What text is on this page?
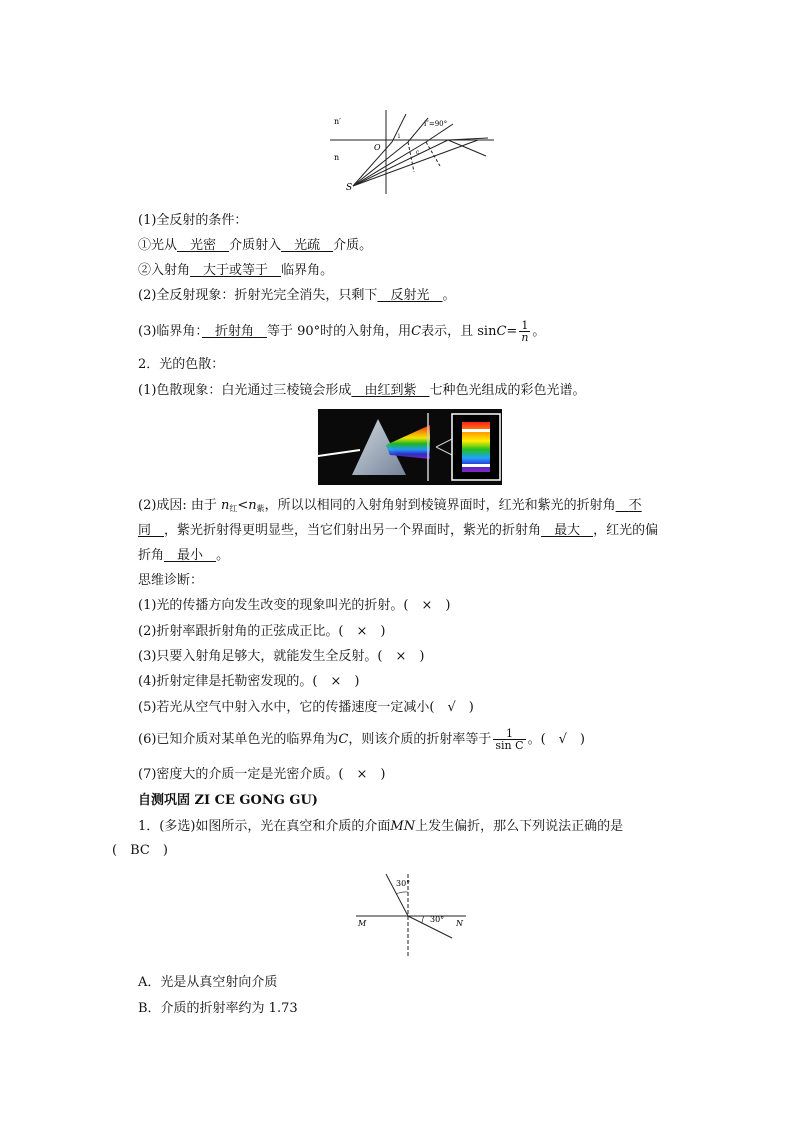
n′
n
O
S
i″=90°
i
c
(1)全反射的条件：
①光从　 光密　 介质射入　 光疏　 介质。
②入射角　 大于或等于　 临界角。
(2)全反射现象：折射光完全消失，只剩下　 反射光　 。
(3)临界角：　 折射角　 等于 90°时的入射角，用C表示，且 $\sin C= \frac{1}{n}$ 。
2．光的色散：
(1)色散现象：白光通过三棱镜会形成　 由红到紫　 七种色光组成的彩色光谱。
(2)成因: 由于 $n_红<n_紫$，所以以相同的入射角射到棱镜界面时，红光和紫光的折射角　 不
同　 ，紫光折射得更明显些，当它们射出另一个界面时，紫光的折射角　 最大　 ，红光的偏
折角　 最小　 。
思维诊断：
(1)光的传播方向发生改变的现象叫光的折射。(　×　)
(2)折射率跟折射角的正弦成正比。(　×　)
(3)只要入射角足够大，就能发生全反射。(　×　)
(4)折射定律是托勒密发现的。(　×　)
(5)若光从空气中射入水中，它的传播速度一定减小(　√　)
(6)已知介质对某单色光的临界角为C，则该介质的折射率等于 $\frac{1}{\text{sin C}}$ 。(　√　)
(7)密度大的介质一定是光密介质。(　×　)
自测巩固 ZI CE GONG GU)
1．(多选)如图所示，光在真空和介质的介面MN上发生偏折，那么下列说法正确的是
(　BC　)
30°
30°
M	N
A．光是从真空射向介质
B．介质的折射率约为 1.73
